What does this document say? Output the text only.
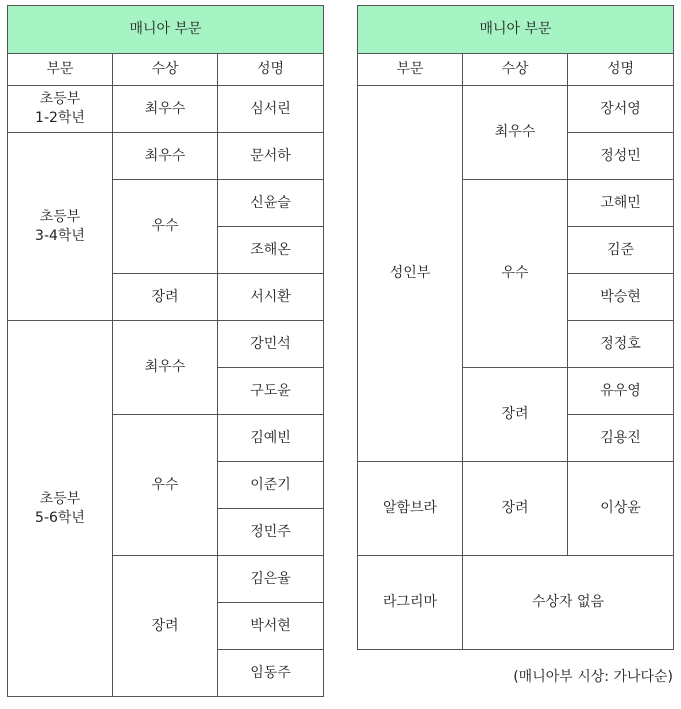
매니아 부문		
부문	수상	성명
초등부
1-2학년	최우수	심서린
초등부
3-4학년	최우수	문서하
	우수	신윤슬
		조해온
	장려	서시환
초등부
5-6학년	최우수	강민석
		구도윤
	우수	김예빈
		이준기
		정민주
	장려	김은율
		박서현
		임동주
매니아 부문		
부문	수상	성명
성인부	최우수	장서영
		정성민
	우수	고해민
		김준
		박승현
		정정호
	장려	유우영
		김용진
알함브라	장려	이상윤
라그리마	수상자 없음	
(매니아부 시상: 가나다순)
